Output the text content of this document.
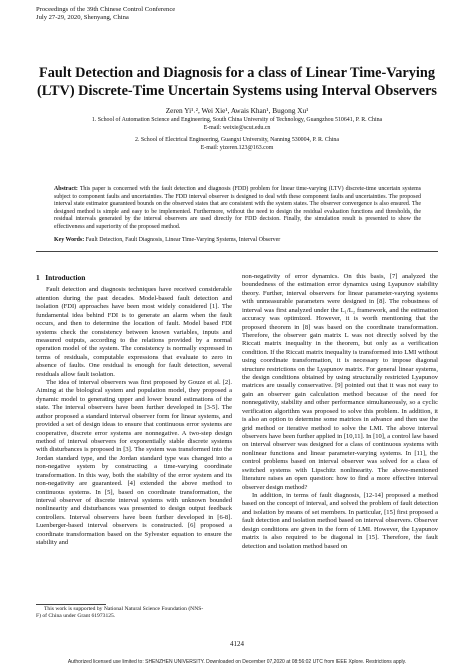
Proceedings of the 39th Chinese Control Conference
July 27-29, 2020, Shenyang, China
Fault Detection and Diagnosis for a class of Linear Time-Varying
(LTV) Discrete-Time Uncertain Systems using Interval Observers
Zeren Yi¹˒², Wei Xie¹, Awais Khan¹, Bugong Xu¹
1. School of Automation Science and Engineering, South China University of Technology, Guangzhou 510641, P. R. China
E-mail: weixie@scut.edu.cn
2. School of Electrical Engineering, Guangxi University, Nanning 530004, P. R. China
E-mail: yizeren.123@163.com
Abstract: This paper is concerned with the fault detection and diagnosis (FDD) problem for linear time-varying (LTV) discrete-time uncertain systems subject to component faults and uncertainties. The FDD interval observer is designed to deal with these component faults and uncertainties. The proposed interval state estimator guaranteed bounds on the observed states that are consistent with the system states. The observer convergence is also ensured. The designed method is simple and easy to be implemented. Furthermore, without the need to design the residual evaluation functions and thresholds, the residual intervals generated by the interval observers are used directly for FDD decision. Finally, the simulation result is presented to show the effectiveness and superiority of the proposed method.
Key Words: Fault Detection, Fault Diagnosis, Linear Time-Varying Systems, Interval Observer
1 Introduction

Fault detection and diagnosis techniques have received considerable attention during the past decades. Model-based fault detection and isolation (FDI) approaches have been most widely considered [1]. The fundamental idea behind FDI is to generate an alarm when the fault occurs, and then to determine the location of fault. Model based FDI systems check the consistency between known variables, inputs and measured outputs, according to the relations provided by a normal operation model of the system. The consistency is normally expressed in terms of residuals, computable expressions that evaluate to zero in absence of faults. One residual is enough for fault detection, several residuals allow fault isolation.

The idea of interval observers was first proposed by Gouze et al. [2]. Aiming at the biological system and population model, they proposed a dynamic model to generating upper and lower bound estimations of the state. The interval observers have been further developed in [3-5]. The author proposed a standard interval observer form for linear systems, and provided a set of design ideas to ensure that continuous error systems are cooperative, discrete error systems are nonnegative. A two-step design method of interval observers for exponentially stable discrete systems with disturbances is proposed in [3]. The system was transformed into the Jordan standard type, and the Jordan standard type was changed into a non-negative system by constructing a time-varying coordinate transformation. In this way, both the stability of the error system and its non-negativity are guaranteed. [4] extended the above method to continuous systems. In [5], based on coordinate transformation, the interval observer of discrete interval systems with unknown bounded nonlinearity and disturbances was presented to design output feedback controllers. Interval observers have been further developed in [6-8]. Luenberger-based interval observers is constructed. [6] proposed a coordinate transformation based on the Sylvester equation to ensure the stability and

This work is supported by National Natural Science Foundation (NNS-
F) of China under Grant 61973125.

non-negativity of error dynamics. On this basis, [7] analyzed the boundedness of the estimation error dynamics using Lyapunov stability theory. Further, interval observers for linear parameter-varying systems with unmeasurable parameters were designed in [8]. The robustness of interval was first analyzed under the L₁/L₂ framework, and the estimation accuracy was optimized. However, it is worth mentioning that the proposed theorem in [8] was based on the coordinate transformation. Therefore, the observer gain matrix L was not directly solved by the Riccati matrix inequality in the theorem, but only as a verification condition. If the Riccati matrix inequality is transformed into LMI without using coordinate transformation, it is necessary to impose diagonal structure restrictions on the Lyapunov matrix. For general linear systems, the design conditions obtained by using structurally restricted Lyapunov matrices are usually conservative. [9] pointed out that it was not easy to gain an observer gain calculation method because of the need for nonnegativity, stability and other performance simultaneously, so a cyclic verification algorithm was proposed to solve this problem. In addition, it is also an option to determine some matrices in advance and then use the grid method or iterative method to solve the LMI. The above interval observers have been further applied in [10,11]. In [10], a control law based on interval observer was designed for a class of continuous systems with nonlinear functions and linear parameter-varying systems. In [11], the control problems based on interval observer was solved for a class of switched systems with Lipschitz nonlinearity. The above-mentioned literature raises an open question: how to find a more effective interval observer design method?

In addition, in terms of fault diagnosis, [12-14] proposed a method based on the concept of interval, and solved the problem of fault detection and isolation by means of set members. In particular, [15] first proposed a fault detection and isolation method based on interval observers. Observer design conditions are given in the form of LMI. However, the Lyapunov matrix is also required to be diagonal in [15]. Therefore, the fault detection and isolation method based on

4124
Authorized licensed use limited to: SHENZHEN UNIVERSITY. Downloaded on December 07,2020 at 08:56:02 UTC from IEEE Xplore. Restrictions apply.
